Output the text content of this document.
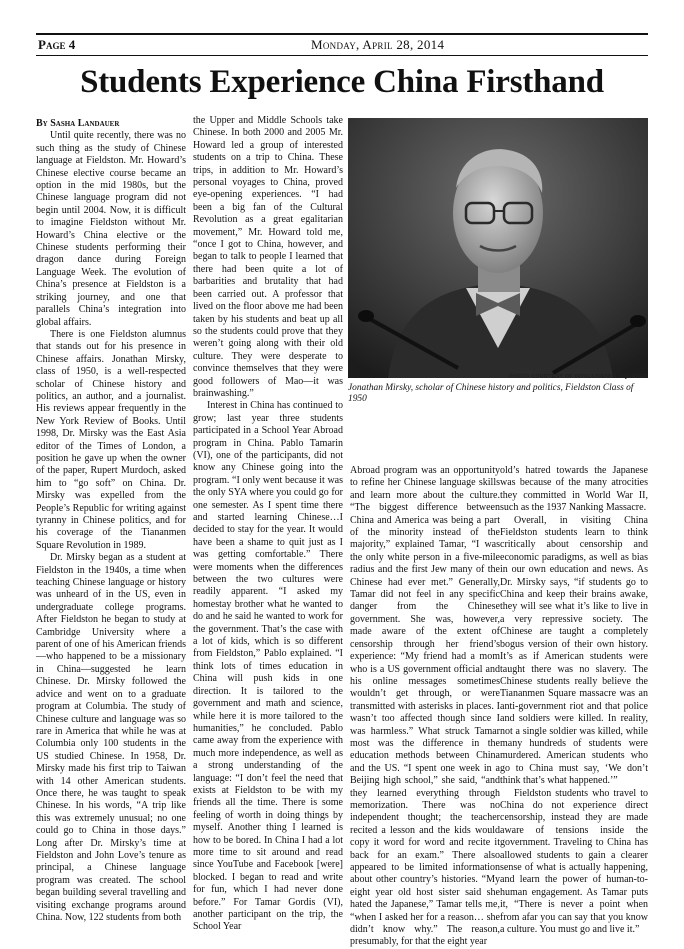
Page 4	Monday, April 28, 2014
Students Experience China Firsthand

By Sasha Landauer

Until quite recently, there was no such thing as the study of Chinese language at Fieldston. Mr. Howard’s Chinese elective course became an option in the mid 1980s, but the Chinese language program did not begin until 2004. Now, it is difficult to imagine Fieldston without Mr. Howard’s China elective or the Chinese students performing their dragon dance during Foreign Language Week. The evolution of China’s presence at Fieldston is a striking journey, and one that parallels China’s integration into global affairs.

There is one Fieldston alumnus that stands out for his presence in Chinese affairs. Jonathan Mirsky, class of 1950, is a well-respected scholar of Chinese history and politics, an author, and a journalist. His reviews appear frequently in the New York Review of Books. Until 1998, Dr. Mirsky was the East Asia editor of the Times of London, a position he gave up when the owner of the paper, Rupert Murdoch, asked him to “go soft” on China. Dr. Mirsky was expelled from the People’s Republic for writing against tyranny in Chinese politics, and for his coverage of the Tiananmen Square Revolution in 1989.

Dr. Mirsky began as a student at Fieldston in the 1940s, a time when teaching Chinese language or history was unheard of in the US, even in undergraduate college programs. After Fieldston he began to study at Cambridge University where a parent of one of his American friends—who happened to be a missionary in China—suggested he learn Chinese. Dr. Mirsky followed the advice and went on to a graduate program at Columbia. The study of Chinese culture and language was so rare in America that while he was at Columbia only 100 students in the US studied Chinese. In 1958, Dr. Mirsky made his first trip to Taiwan with 14 other American students. Once there, he was taught to speak Chinese. In his words, “A trip like this was extremely unusual; no one could go to China in those days.” Long after Dr. Mirsky’s time at Fieldston and John Love’s tenure as principal, a Chinese language program was created. The school began building several travelling and visiting exchange programs around China. Now, 122 students from both

the Upper and Middle Schools take Chinese. In both 2000 and 2005 Mr. Howard led a group of interested students on a trip to China. These trips, in addition to Mr. Howard’s personal voyages to China, proved eye-opening experiences. “I had been a big fan of the Cultural Revolution as a great egalitarian movement,” Mr. Howard told me, “once I got to China, however, and began to talk to people I learned that there had been quite a lot of barbarities and brutality that had been carried out. A professor that lived on the floor above me had been taken by his students and beat up all so the students could prove that they weren’t going along with their old culture. They were desperate to convince themselves that they were good followers of Mao—it was brainwashing.”

Interest in China has continued to grow; last year three students participated in a School Year Abroad program in China. Pablo Tamarin (VI), one of the participants, did not know any Chinese going into the program. “I only went because it was the only SYA where you could go for one semester. As I spent time there and started learning Chinese…I decided to stay for the year. It would have been a shame to quit just as I was getting comfortable.” There were moments when the differences between the two cultures were readily apparent. “I asked my homestay brother what he wanted to do and he said he wanted to work for the government. That’s the case with a lot of kids, which is so different from Fieldston,” Pablo explained. “I think lots of times education in China will push kids in one direction. It is tailored to the government and math and science, while here it is more tailored to the humanities,” he concluded. Pablo came away from the experience with much more independence, as well as a strong understanding of the language: “I don’t feel the need that exists at Fieldston to be with my friends all the time. There is some feeling of worth in doing things by myself. Another thing I learned is how to be bored. In China I had a lot more time to sit around and read since YouTube and Facebook [were] blocked. I began to read and write for fun, which I had never done before.” For Tamar Gordis (VI), another participant on the trip, the School Year

PHOTO COURTESY OF INTELLIGENCE SQUARED
Jonathan Mirsky, scholar of Chinese history and politics, Fieldston Class of 1950

Abroad program was an opportunity to refine her Chinese language skills and learn more about the culture. “The biggest difference between China and America was being a part of the minority instead of the majority,” explained Tamar, “I was the only white person in a five-mile radius and the first Jew many of the Chinese had ever met.” Generally, Tamar did not feel in any specific danger from the Chinese government. She was, however, made aware of the extent of censorship through her friend’s experience: “My friend had a mom who is a US government official and his online messages sometimes wouldn’t get through, or were transmitted with asterisks in places. I wasn’t too affected though since I was harmless.” What struck Tamar most was the difference in the education methods between China and the US. “I spent one week in a Beijing high school,” she said, “and they learned everything through memorization. There was no independent thought; the teacher recited a lesson and the kids would copy it word for word and recite it back for an exam.” There also appeared to be limited information about other country’s histories. “My eight year old host sister said she hated the Japanese,” Tamar tells me, “when I asked her for a reason… she didn’t know why.” The reason, presumably, for that the eight year

old’s hatred towards the Japanese was because of the many atrocities they committed in World War II, such as the 1937 Nanking Massacre.

Overall, in visiting China Fieldston students learn to think critically about censorship and economic paradigms, as well as bias in our own education and news. As Dr. Mirsky says, “if students go to China and keep their brains awake, they will see what it’s like to live in a very repressive society. The Chinese are taught a completely bogus version of their own history. It’s as if American students were taught there was no slavery. The Chinese students really believe the Tiananmen Square massacre was an anti-government riot and that police and soldiers were killed. In reality, not a single soldier was killed, while many hundreds of students were murdered. American students who go to China must say, ‘We don’t think that’s what happened.’”

Fieldston students who travel to China do not experience direct censorship, instead they are made aware of tensions inside the government. Traveling to China has allowed students to gain a clearer sense of what is actually happening, and learn the power of human-to-human engagement. As Tamar puts it, “There is never a point when from afar you can say that you know a culture. You must go and live it.”
